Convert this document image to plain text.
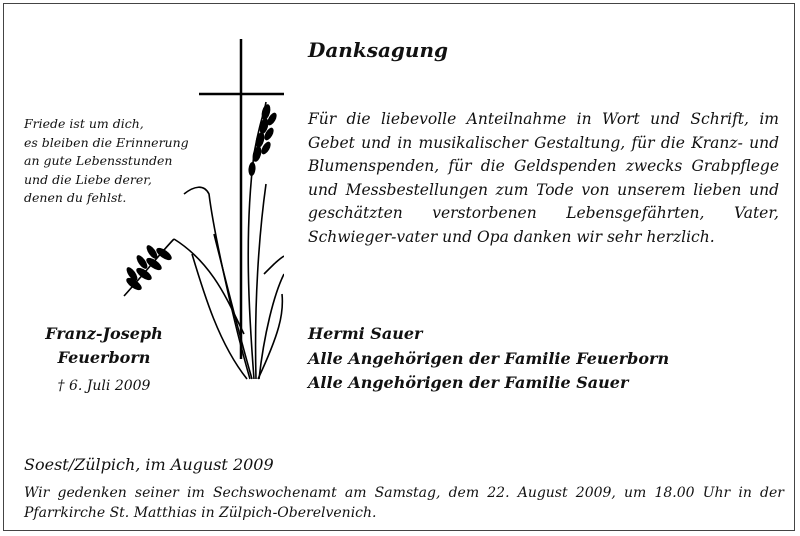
Danksagung
Friede ist um dich,
es bleiben die Erinnerung
an gute Lebensstunden
und die Liebe derer,
denen du fehlst.
Für die liebevolle Anteilnahme in Wort und Schrift, im Gebet und in musikalischer Gestaltung, für die Kranz- und Blumenspenden, für die Geldspenden zwecks Grabpflege und Messbestellungen zum Tode von unserem lieben und geschätzten verstorbenen Lebensgefährten, Vater, Schwieger-vater und Opa danken wir sehr herzlich.
Franz-Joseph
Feuerborn
† 6. Juli 2009
Hermi Sauer
Alle Angehörigen der Familie Feuerborn
Alle Angehörigen der Familie Sauer
Soest/Zülpich, im August 2009
Wir gedenken seiner im Sechswochenamt am Samstag, dem 22. August 2009, um 18.00 Uhr in der Pfarrkirche St. Matthias in Zülpich-Oberelvenich.
